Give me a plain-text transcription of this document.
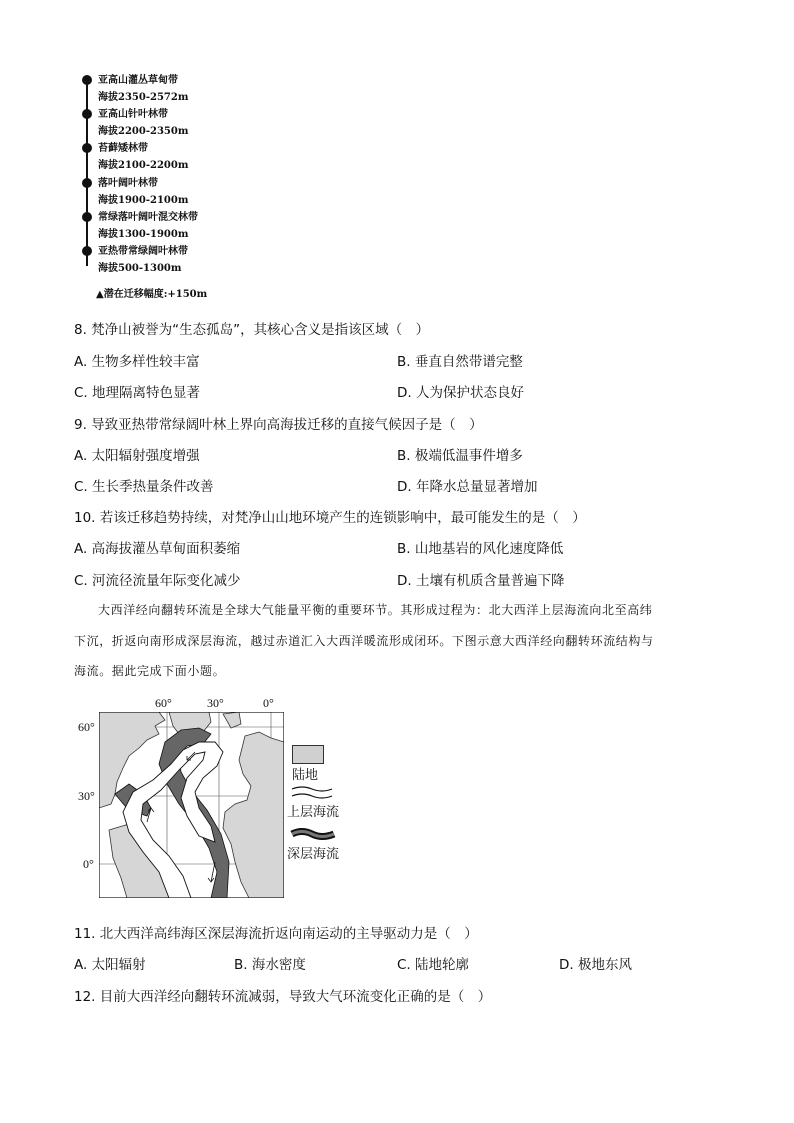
亚高山灌丛草甸带
海拔2350-2572m
亚高山针叶林带
海拔2200-2350m
苔藓矮林带
海拔2100-2200m
落叶阔叶林带
海拔1900-2100m
常绿落叶阔叶混交林带
海拔1300-1900m
亚热带常绿阔叶林带
海拔500-1300m
▲潜在迁移幅度:+150m
8. 梵净山被誉为“生态孤岛”，其核心含义是指该区域（　）
A. 生物多样性较丰富	B. 垂直自然带谱完整
C. 地理隔离特色显著	D. 人为保护状态良好
9. 导致亚热带常绿阔叶林上界向高海拔迁移的直接气候因子是（　）
A. 太阳辐射强度增强	B. 极端低温事件增多
C. 生长季热量条件改善	D. 年降水总量显著增加
10. 若该迁移趋势持续，对梵净山山地环境产生的连锁影响中，最可能发生的是（　）
A. 高海拔灌丛草甸面积萎缩	B. 山地基岩的风化速度降低
C. 河流径流量年际变化减少	D. 土壤有机质含量普遍下降
大西洋经向翻转环流是全球大气能量平衡的重要环节。其形成过程为：北大西洋上层海流向北至高纬
下沉，折返向南形成深层海流，越过赤道汇入大西洋暖流形成闭环。下图示意大西洋经向翻转环流结构与
海流。据此完成下面小题。
60°	30°	0°
60°
30°
0°
陆地
上层海流
深层海流
11. 北大西洋高纬海区深层海流折返向南运动的主导驱动力是（　）
A. 太阳辐射	B. 海水密度	C. 陆地轮廓	D. 极地东风
12. 目前大西洋经向翻转环流减弱，导致大气环流变化正确的是（　）
